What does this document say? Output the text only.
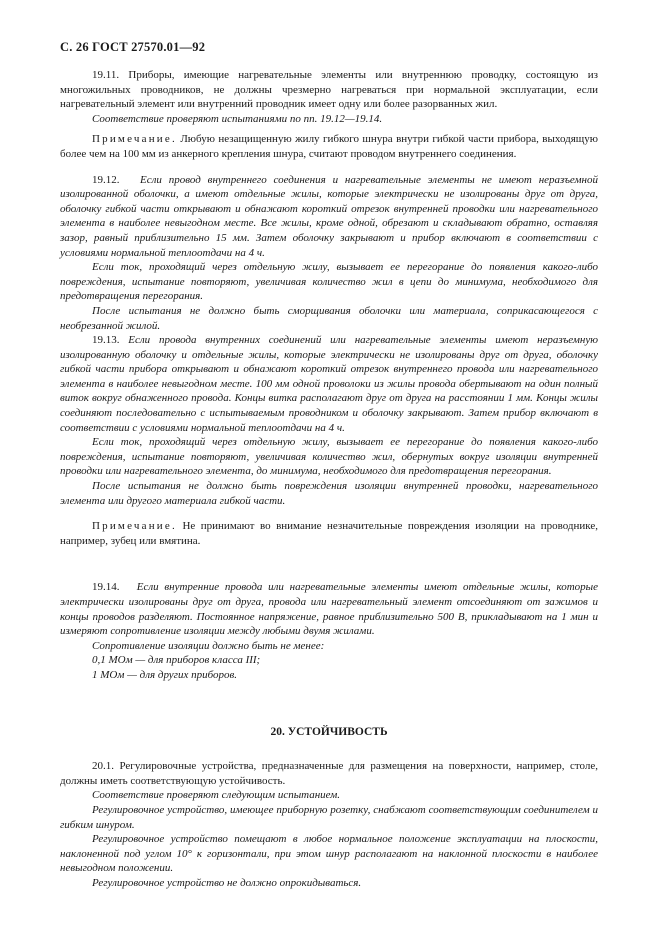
С. 26 ГОСТ 27570.01—92

19.11. Приборы, имеющие нагревательные элементы или внутреннюю проводку, состоящую из многожильных проводников, не должны чрезмерно нагреваться при нормальной эксплуатации, если нагревательный элемент или внутренний проводник имеет одну или более разорванных жил.

Соответствие проверяют испытаниями по пп. 19.12—19.14.

Примечание. Любую незащищенную жилу гибкого шнура внутри гибкой части прибора, выходящую более чем на 100 мм из анкерного крепления шнура, считают проводом внутреннего соединения.

19.12. Если провод внутреннего соединения и нагревательные элементы не имеют неразъемной изолированной оболочки, а имеют отдельные жилы, которые электрически не изолированы друг от друга, оболочку гибкой части открывают и обнажают короткий отрезок внутренней проводки или нагревательного элемента в наиболее невыгодном месте. Все жилы, кроме одной, обрезают и складывают обратно, оставляя зазор, равный приблизительно 15 мм. Затем оболочку закрывают и прибор включают в соответствии с условиями нормальной теплоотдачи на 4 ч.

Если ток, проходящий через отдельную жилу, вызывает ее перегорание до появления какого-либо повреждения, испытание повторяют, увеличивая количество жил в цепи до минимума, необходимого для предотвращения перегорания.

После испытания не должно быть сморщивания оболочки или материала, соприкасающегося с необрезанной жилой.

19.13. Если провода внутренних соединений или нагревательные элементы имеют неразъемную изолированную оболочку и отдельные жилы, которые электрически не изолированы друг от друга, оболочку гибкой части прибора открывают и обнажают короткий отрезок внутреннего провода или нагревательного элемента в наиболее невыгодном месте. 100 мм одной проволоки из жилы провода обертывают на один полный виток вокруг обнаженного провода. Концы витка располагают друг от друга на расстоянии 1 мм. Концы жилы соединяют последовательно с испытываемым проводником и оболочку закрывают. Затем прибор включают в соответствии с условиями нормальной теплоотдачи на 4 ч.

Если ток, проходящий через отдельную жилу, вызывает ее перегорание до появления какого-либо повреждения, испытание повторяют, увеличивая количество жил, обернутых вокруг изоляции внутренней проводки или нагревательного элемента, до минимума, необходимого для предотвращения перегорания.

После испытания не должно быть повреждения изоляции внутренней проводки, нагревательного элемента или другого материала гибкой части.

Примечание. Не принимают во внимание незначительные повреждения изоляции на проводнике, например, зубец или вмятина.

19.14. Если внутренние провода или нагревательные элементы имеют отдельные жилы, которые электрически изолированы друг от друга, провода или нагревательный элемент отсоединяют от зажимов и концы проводов разделяют. Постоянное напряжение, равное приблизительно 500 В, прикладывают на 1 мин и измеряют сопротивление изоляции между любыми двумя жилами.

Сопротивление изоляции должно быть не менее:

0,1 МОм — для приборов класса III;

1 МОм — для других приборов.

20. УСТОЙЧИВОСТЬ

20.1. Регулировочные устройства, предназначенные для размещения на поверхности, например, столе, должны иметь соответствующую устойчивость.

Соответствие проверяют следующим испытанием.

Регулировочное устройство, имеющее приборную розетку, снабжают соответствующим соединителем и гибким шнуром.

Регулировочное устройство помещают в любое нормальное положение эксплуатации на плоскости, наклоненной под углом 10° к горизонтали, при этом шнур располагают на наклонной плоскости в наиболее невыгодном положении.

Регулировочное устройство не должно опрокидываться.
